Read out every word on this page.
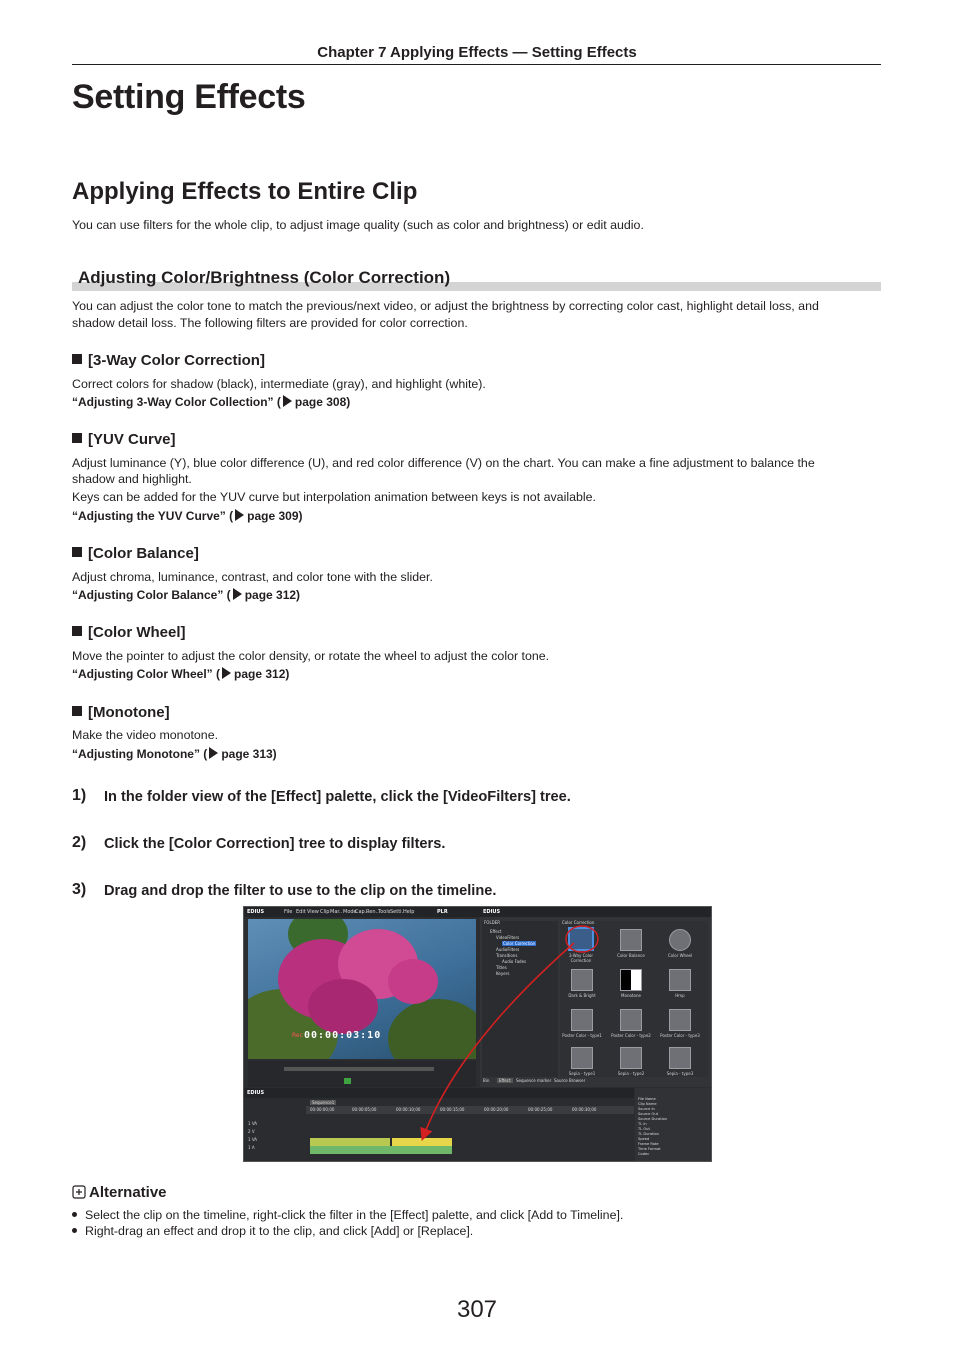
Chapter 7 Applying Effects — Setting Effects
Setting Effects
Applying Effects to Entire Clip
You can use filters for the whole clip, to adjust image quality (such as color and brightness) or edit audio.
Adjusting Color/Brightness (Color Correction)
You can adjust the color tone to match the previous/next video, or adjust the brightness by correcting color cast, highlight detail loss, and
shadow detail loss. The following filters are provided for color correction.
[3-Way Color Correction]
Correct colors for shadow (black), intermediate (gray), and highlight (white).
“Adjusting 3-Way Color Collection” ( page 308)
[YUV Curve]
Adjust luminance (Y), blue color difference (U), and red color difference (V) on the chart. You can make a fine adjustment to balance the
shadow and highlight.
Keys can be added for the YUV curve but interpolation animation between keys is not available.
“Adjusting the YUV Curve” ( page 309)
[Color Balance]
Adjust chroma, luminance, contrast, and color tone with the slider.
“Adjusting Color Balance” ( page 312)
[Color Wheel]
Move the pointer to adjust the color density, or rotate the wheel to adjust the color tone.
“Adjusting Color Wheel” ( page 312)
[Monotone]
Make the video monotone.
“Adjusting Monotone” ( page 313)
1) In the folder view of the [Effect] palette, click the [VideoFilters] tree.
2) Click the [Color Correction] tree to display filters.
3) Drag and drop the filter to use to the clip on the timeline.
EDIUS	File Edit View Clip Mar.. Mode
Cap..
Ren.. Tools Setti..
Help	PLR
Rec 00:00:03:10
EDIUS
FOLDER
Effect
VideoFilters
Color Correction
AudioFilters
Transitions
Audio Fades
Titles
Keyers
Color Correction
3-Way Color Correction
Color Balance	Color Wheel
Dark & Bright	Monotone	Hmp
Poster Color - type1 Poster Color - type2 Poster Color - type3
Sepia - type1	Sepia - type2	Sepia - type3
Bin	Effect	Sequence marker Source Browser
EDIUS
Sequence1
00:00:00;00	00:00:05;00	00:00:10;00	00:00:15;00	00:00:20;00	00:00:25;00	00:00:30;00
1 VA
2 V
1 VA
1 A
File Name
Clip Name
Source In
Source Out
Source Duration
TL In
TL Out
TL Duration
Speed
Frame Rate
Time Format
Codec
Alternative
Select the clip on the timeline, right-click the filter in the [Effect] palette, and click [Add to Timeline].
Right-drag an effect and drop it to the clip, and click [Add] or [Replace].
307
